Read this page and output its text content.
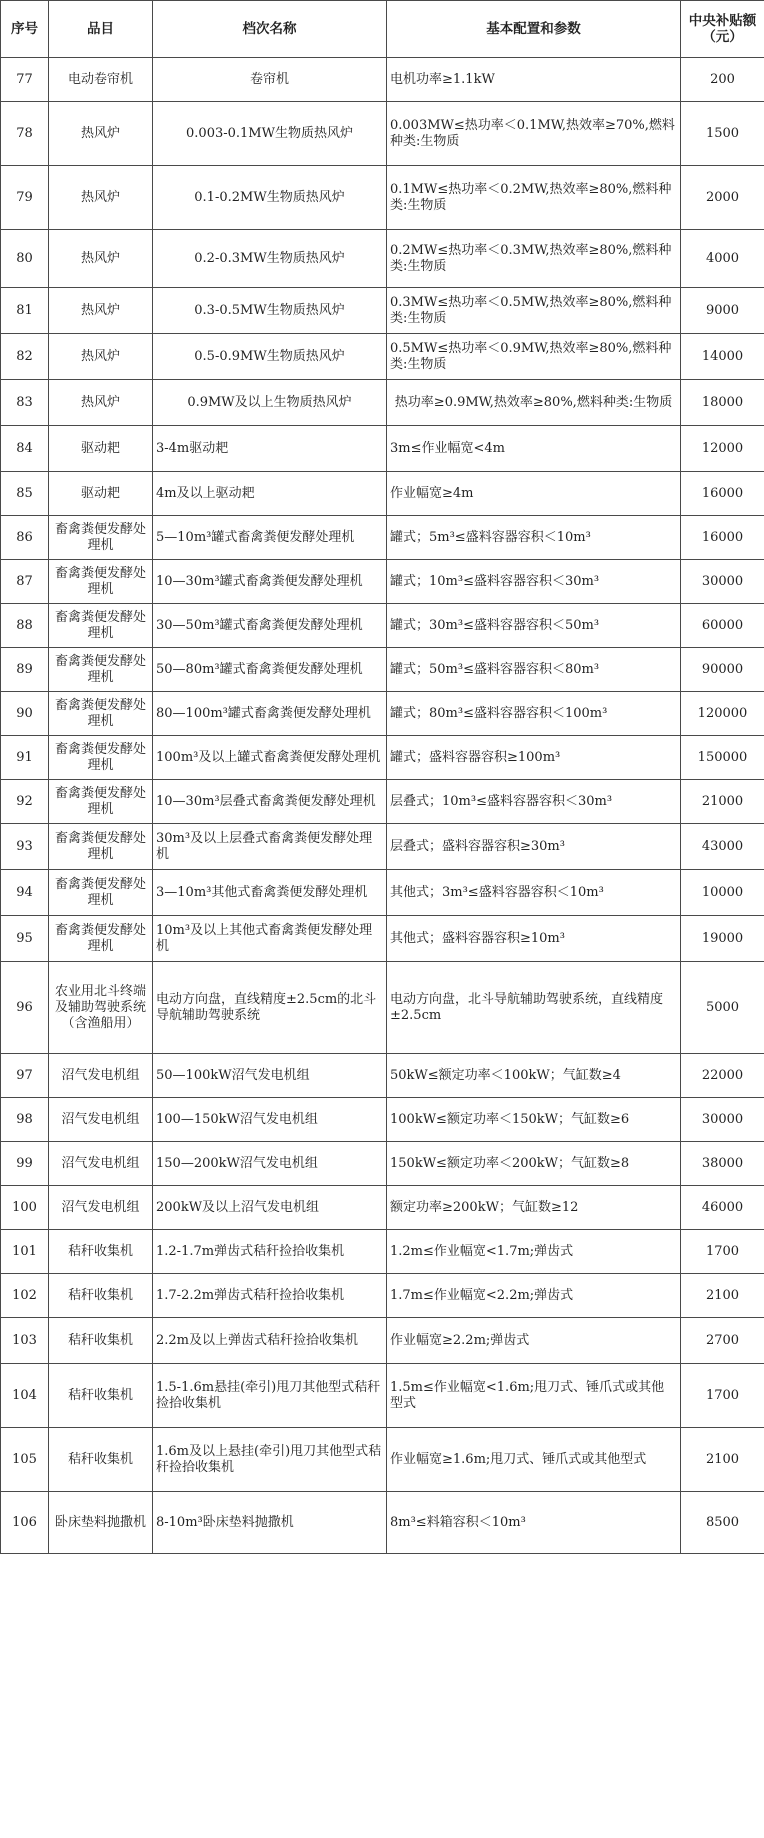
序号	品目	档次名称	基本配置和参数	中央补贴额（元）
77	电动卷帘机	卷帘机	电机功率≥1.1kW	200
78	热风炉	0.003-0.1MW生物质热风炉	0.003MW≤热功率＜0.1MW,热效率≥70%,燃料种类:生物质	1500
79	热风炉	0.1-0.2MW生物质热风炉	0.1MW≤热功率＜0.2MW,热效率≥80%,燃料种类:生物质	2000
80	热风炉	0.2-0.3MW生物质热风炉	0.2MW≤热功率＜0.3MW,热效率≥80%,燃料种类:生物质	4000
81	热风炉	0.3-0.5MW生物质热风炉	0.3MW≤热功率＜0.5MW,热效率≥80%,燃料种类:生物质	9000
82	热风炉	0.5-0.9MW生物质热风炉	0.5MW≤热功率＜0.9MW,热效率≥80%,燃料种类:生物质	14000
83	热风炉	0.9MW及以上生物质热风炉	热功率≥0.9MW,热效率≥80%,燃料种类:生物质	18000
84	驱动耙	3-4m驱动耙	3m≤作业幅宽<4m	12000
85	驱动耙	4m及以上驱动耙	作业幅宽≥4m	16000
86	畜禽粪便发酵处理机	5—10m³罐式畜禽粪便发酵处理机	罐式；5m³≤盛料容器容积＜10m³	16000
87	畜禽粪便发酵处理机	10—30m³罐式畜禽粪便发酵处理机	罐式；10m³≤盛料容器容积＜30m³	30000
88	畜禽粪便发酵处理机	30—50m³罐式畜禽粪便发酵处理机	罐式；30m³≤盛料容器容积＜50m³	60000
89	畜禽粪便发酵处理机	50—80m³罐式畜禽粪便发酵处理机	罐式；50m³≤盛料容器容积＜80m³	90000
90	畜禽粪便发酵处理机	80—100m³罐式畜禽粪便发酵处理机	罐式；80m³≤盛料容器容积＜100m³	120000
91	畜禽粪便发酵处理机	100m³及以上罐式畜禽粪便发酵处理机	罐式；盛料容器容积≥100m³	150000
92	畜禽粪便发酵处理机	10—30m³层叠式畜禽粪便发酵处理机	层叠式；10m³≤盛料容器容积＜30m³	21000
93	畜禽粪便发酵处理机	30m³及以上层叠式畜禽粪便发酵处理机	层叠式；盛料容器容积≥30m³	43000
94	畜禽粪便发酵处理机	3—10m³其他式畜禽粪便发酵处理机	其他式；3m³≤盛料容器容积＜10m³	10000
95	畜禽粪便发酵处理机	10m³及以上其他式畜禽粪便发酵处理机	其他式；盛料容器容积≥10m³	19000
96	农业用北斗终端及辅助驾驶系统（含渔船用）	电动方向盘，直线精度±2.5cm的北斗导航辅助驾驶系统	电动方向盘，北斗导航辅助驾驶系统，直线精度±2.5cm	5000
97	沼气发电机组	50—100kW沼气发电机组	50kW≤额定功率＜100kW；气缸数≥4	22000
98	沼气发电机组	100—150kW沼气发电机组	100kW≤额定功率＜150kW；气缸数≥6	30000
99	沼气发电机组	150—200kW沼气发电机组	150kW≤额定功率＜200kW；气缸数≥8	38000
100	沼气发电机组	200kW及以上沼气发电机组	额定功率≥200kW；气缸数≥12	46000
101	秸秆收集机	1.2-1.7m弹齿式秸秆捡拾收集机	1.2m≤作业幅宽<1.7m;弹齿式	1700
102	秸秆收集机	1.7-2.2m弹齿式秸秆捡拾收集机	1.7m≤作业幅宽<2.2m;弹齿式	2100
103	秸秆收集机	2.2m及以上弹齿式秸秆捡拾收集机	作业幅宽≥2.2m;弹齿式	2700
104	秸秆收集机	1.5-1.6m悬挂(牵引)甩刀其他型式秸秆捡拾收集机	1.5m≤作业幅宽<1.6m;甩刀式、锤爪式或其他型式	1700
105	秸秆收集机	1.6m及以上悬挂(牵引)甩刀其他型式秸秆捡拾收集机	作业幅宽≥1.6m;甩刀式、锤爪式或其他型式	2100
106	卧床垫料抛撒机	8-10m³卧床垫料抛撒机	8m³≤料箱容积＜10m³	8500
